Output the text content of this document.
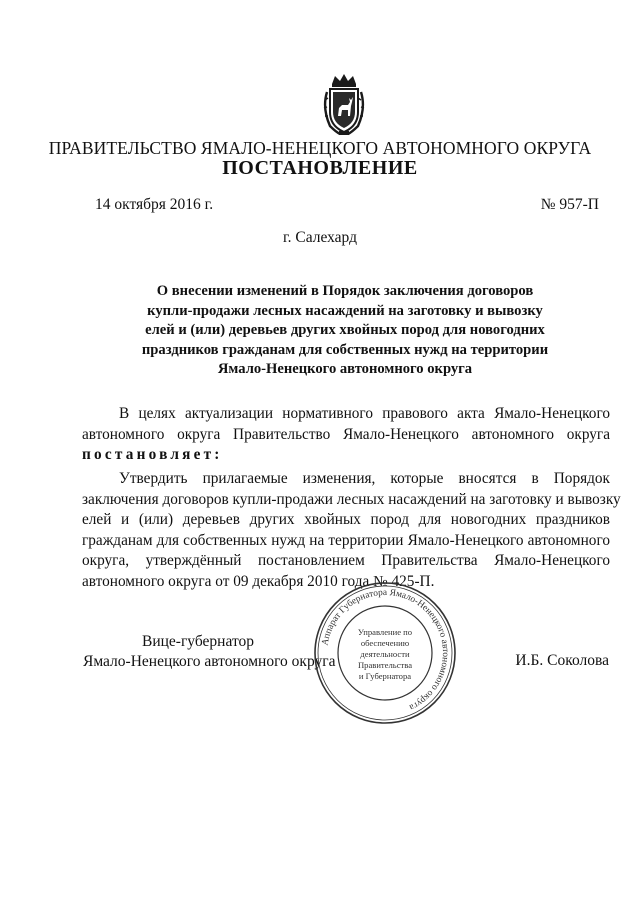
ПРАВИТЕЛЬСТВО ЯМАЛО-НЕНЕЦКОГО АВТОНОМНОГО ОКРУГА
ПОСТАНОВЛЕНИЕ
14 октября 2016 г.	№ 957-П
г. Салехард
О внесении изменений в Порядок заключения договоров
купли-продажи лесных насаждений на заготовку и вывозку
елей и (или) деревьев других хвойных пород для новогодних
праздников гражданам для собственных нужд на территории
Ямало-Ненецкого автономного округа
В целях актуализации нормативного правового акта Ямало-Ненецкого
автономного округа Правительство Ямало-Ненецкого автономного округа
постановляет:
Утвердить прилагаемые изменения, которые вносятся в Порядок
заключения договоров купли-продажи лесных насаждений на заготовку и вывозку
елей и (или) деревьев других хвойных пород для новогодних праздников
гражданам для собственных нужд на территории Ямало-Ненецкого автономного
округа, утверждённый постановлением Правительства Ямало-Ненецкого
автономного округа от 09 декабря 2010 года № 425-П.
Вице-губернатор
Ямало-Ненецкого автономного округа
Аппарат Губернатора Ямало-Ненецкого автономного округа
Управление по
обеспечению
деятельности
Правительства
и Губернатора
И.Б. Соколова
